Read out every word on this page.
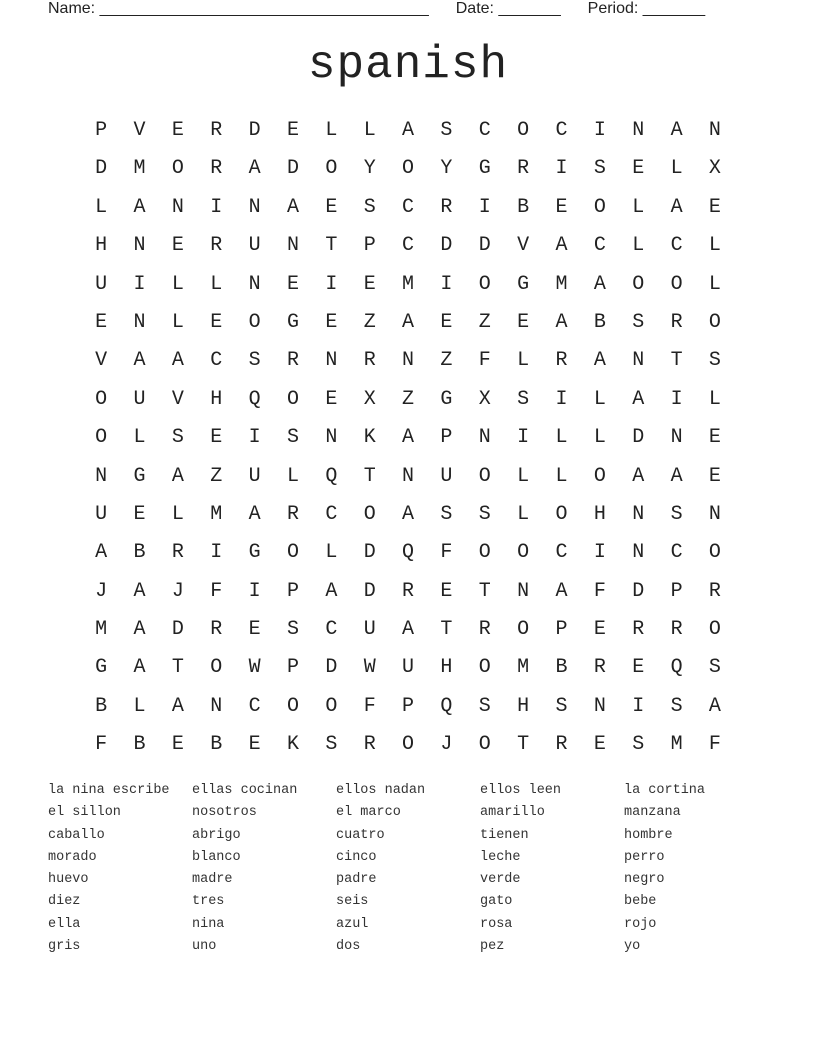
Name: _____________________________________ Date: _______ Period: _______
spanish
P	V	E	R	D	E	L	L	A	S	C	O	C	I	N	A	N
D	M	O	R	A	D	O	Y	O	Y	G	R	I	S	E	L	X
L	A	N	I	N	A	E	S	C	R	I	B	E	O	L	A	E
H	N	E	R	U	N	T	P	C	D	D	V	A	C	L	C	L
U	I	L	L	N	E	I	E	M	I	O	G	M	A	O	O	L
E	N	L	E	O	G	E	Z	A	E	Z	E	A	B	S	R	O
V	A	A	C	S	R	N	R	N	Z	F	L	R	A	N	T	S
O	U	V	H	Q	O	E	X	Z	G	X	S	I	L	A	I	L
O	L	S	E	I	S	N	K	A	P	N	I	L	L	D	N	E
N	G	A	Z	U	L	Q	T	N	U	O	L	L	O	A	A	E
U	E	L	M	A	R	C	O	A	S	S	L	O	H	N	S	N
A	B	R	I	G	O	L	D	Q	F	O	O	C	I	N	C	O
J	A	J	F	I	P	A	D	R	E	T	N	A	F	D	P	R
M	A	D	R	E	S	C	U	A	T	R	O	P	E	R	R	O
G	A	T	O	W	P	D	W	U	H	O	M	B	R	E	Q	S
B	L	A	N	C	O	O	F	P	Q	S	H	S	N	I	S	A
F	B	E	B	E	K	S	R	O	J	O	T	R	E	S	M	F
la nina escribe	ellas cocinan	ellos nadan	ellos leen	la cortina
el sillon	nosotros	el marco	amarillo	manzana
caballo	abrigo	cuatro	tienen	hombre
morado	blanco	cinco	leche	perro
huevo	madre	padre	verde	negro
diez	tres	seis	gato	bebe
ella	nina	azul	rosa	rojo
gris	uno	dos	pez	yo
